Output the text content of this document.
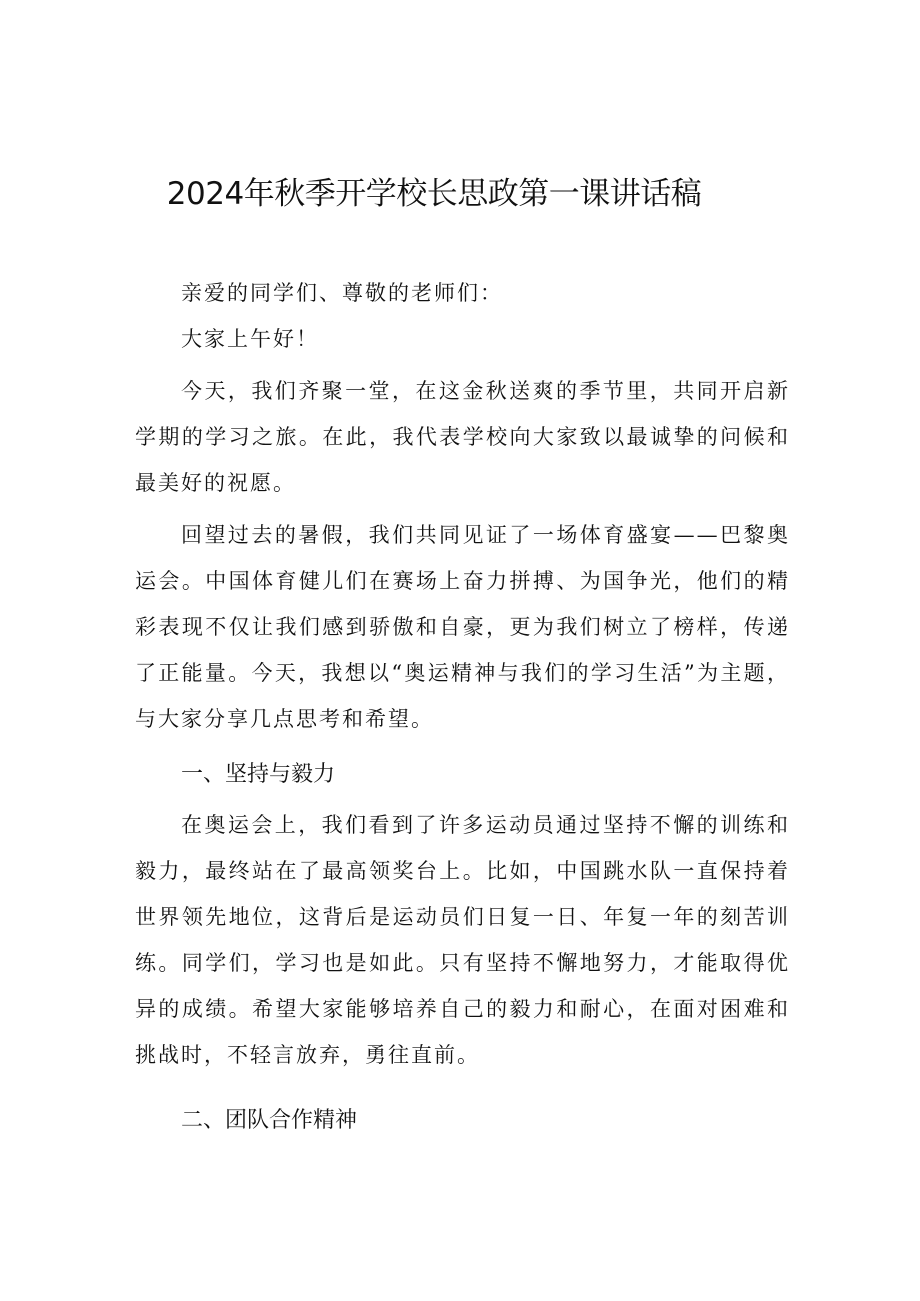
2024年秋季开学校长思政第一课讲话稿

亲爱的同学们、尊敬的老师们：

大家上午好！

今天，我们齐聚一堂，在这金秋送爽的季节里，共同开启新学期的学习之旅。在此，我代表学校向大家致以最诚挚的问候和最美好的祝愿。

回望过去的暑假，我们共同见证了一场体育盛宴——巴黎奥运会。中国体育健儿们在赛场上奋力拼搏、为国争光，他们的精彩表现不仅让我们感到骄傲和自豪，更为我们树立了榜样，传递了正能量。今天，我想以“奥运精神与我们的学习生活”为主题，与大家分享几点思考和希望。

一、坚持与毅力

在奥运会上，我们看到了许多运动员通过坚持不懈的训练和毅力，最终站在了最高领奖台上。比如，中国跳水队一直保持着世界领先地位，这背后是运动员们日复一日、年复一年的刻苦训练。同学们，学习也是如此。只有坚持不懈地努力，才能取得优异的成绩。希望大家能够培养自己的毅力和耐心，在面对困难和挑战时，不轻言放弃，勇往直前。

二、团队合作精神
